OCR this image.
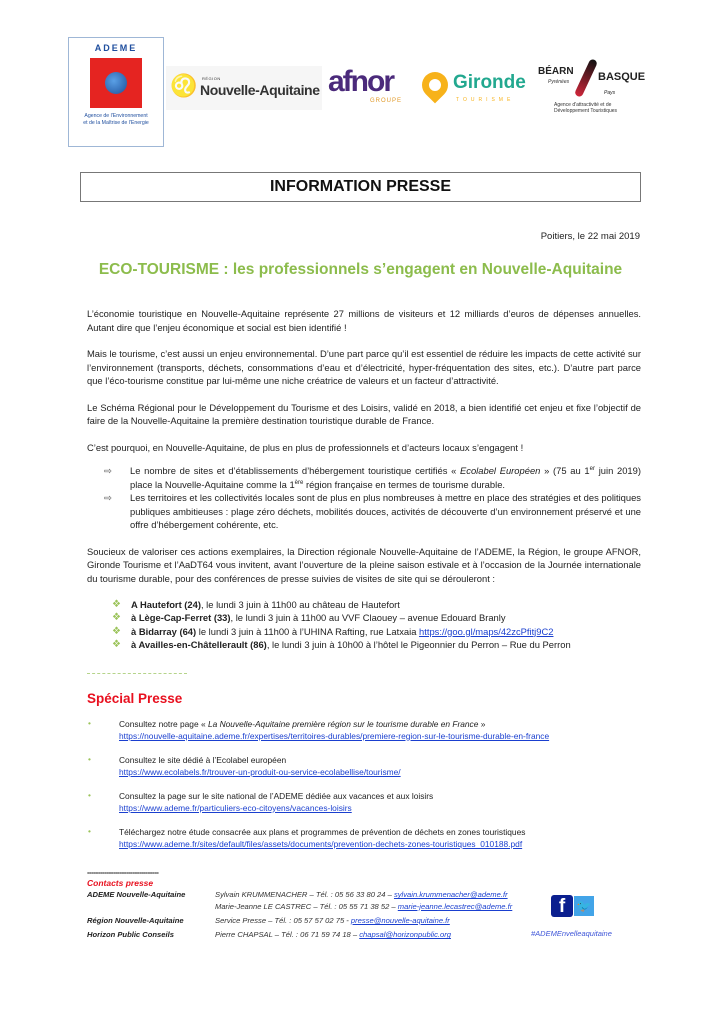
ADEME
Agence de l'Environnement
et de la Maîtrise de l'Energie
♌ RÉGION
Nouvelle-Aquitaine afnor
GROUPE
Gironde
TOURISME
BÉARN
Pyrénées
Pays
BASQUE
Agence d'attractivité et de
Développement Touristiques
INFORMATION PRESSE
Poitiers, le 22 mai 2019
ECO-TOURISME : les professionnels s’engagent en Nouvelle-Aquitaine
L’économie touristique en Nouvelle-Aquitaine représente 27 millions de visiteurs et 12 milliards d’euros de dépenses annuelles. Autant dire que l’enjeu économique et social est bien identifié !
Mais le tourisme, c’est aussi un enjeu environnemental. D’une part parce qu’il est essentiel de réduire les impacts de cette activité sur l’environnement (transports, déchets, consommations d’eau et d’électricité, hyper-fréquentation des sites, etc.). D’autre part parce que l’éco-tourisme constitue par lui-même une niche créatrice de valeurs et un facteur d’attractivité.
Le Schéma Régional pour le Développement du Tourisme et des Loisirs, validé en 2018, a bien identifié cet enjeu et fixe l’objectif de faire de la Nouvelle-Aquitaine la première destination touristique durable de France.
C’est pourquoi, en Nouvelle-Aquitaine, de plus en plus de professionnels et d’acteurs locaux s’engagent !
⇨ Le nombre de sites et d’établissements d’hébergement touristique certifiés « Ecolabel Européen » (75 au 1er juin 2019) place la Nouvelle-Aquitaine comme la 1ère région française en termes de tourisme durable.
⇨ Les territoires et les collectivités locales sont de plus en plus nombreuses à mettre en place des stratégies et des politiques publiques ambitieuses : plage zéro déchets, mobilités douces, activités de découverte d’un environnement préservé et une offre d’hébergement cohérente, etc.
Soucieux de valoriser ces actions exemplaires, la Direction régionale Nouvelle-Aquitaine de l’ADEME, la Région, le groupe AFNOR, Gironde Tourisme et l’AaDT64 vous invitent, avant l’ouverture de la pleine saison estivale et à l’occasion de la Journée internationale du tourisme durable, pour des conférences de presse suivies de visites de site qui se dérouleront :
❖ A Hautefort (24), le lundi 3 juin à 11h00 au château de Hautefort
❖ à Lège-Cap-Ferret (33), le lundi 3 juin à 11h00 au VVF Claouey – avenue Edouard Branly
❖ à Bidarray (64) le lundi 3 juin à 11h00 à l’UHINA Rafting, rue Latxaia https://goo.gl/maps/42zcPfitj9C2
❖ à Availles-en-Châtellerault (86), le lundi 3 juin à 10h00 à l’hôtel le Pigeonnier du Perron – Rue du Perron
Spécial Presse
•	Consultez notre page « La Nouvelle-Aquitaine première région sur le tourisme durable en France »
https://nouvelle-aquitaine.ademe.fr/expertises/territoires-durables/premiere-region-sur-le-tourisme-durable-en-france
•	Consultez le site dédié à l’Ecolabel européen
https://www.ecolabels.fr/trouver-un-produit-ou-service-ecolabellise/tourisme/
•	Consultez la page sur le site national de l’ADEME dédiée aux vacances et aux loisirs
https://www.ademe.fr/particuliers-eco-citoyens/vacances-loisirs
•	Téléchargez notre étude consacrée aux plans et programmes de prévention de déchets en zones touristiques
https://www.ademe.fr/sites/default/files/assets/documents/prevention-dechets-zones-touristiques_010188.pdf
---------------------------------
Contacts presse
ADEME Nouvelle-Aquitaine	Sylvain KRUMMENACHER – Tél. : 05 56 33 80 24 – sylvain.krummenacher@ademe.fr
Marie-Jeanne LE CASTREC – Tél. : 05 55 71 38 52 – marie-jeanne.lecastrec@ademe.fr
Région Nouvelle-Aquitaine	Service Presse – Tél. : 05 57 57 02 75 - presse@nouvelle-aquitaine.fr
Horizon Public Conseils	Pierre CHAPSAL – Tél. : 06 71 59 74 18 – chapsal@horizonpublic.org
f 🐦
#ADEMEnvelleaquitaine
